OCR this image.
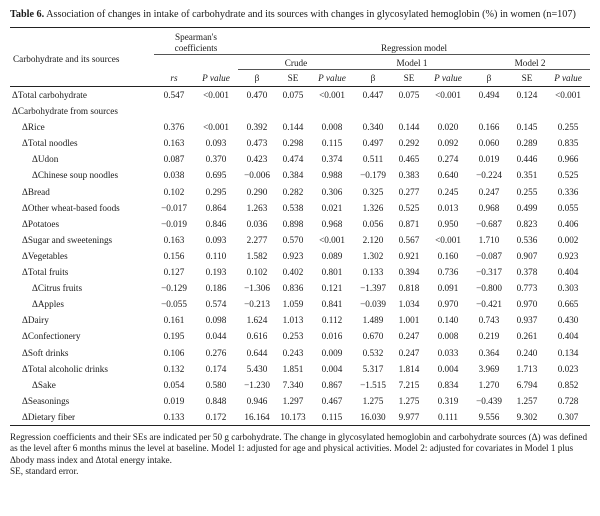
Table 6. Association of changes in intake of carbohydrate and its sources with changes in glycosylated hemoglobin (%) in women (n=107)

Carbohydrate and its sources	Spearman's
coefficients		Regression model								
			Crude			Model 1			Model 2		
	rs	P value	β	SE	P value	β	SE	P value	β	SE	P value
ΔTotal carbohydrate	0.547	<0.001	0.470	0.075	<0.001	0.447	0.075	<0.001	0.494	0.124	<0.001
ΔCarbohydrate from sources											
ΔRice	0.376	<0.001	0.392	0.144	0.008	0.340	0.144	0.020	0.166	0.145	0.255
ΔTotal noodles	0.163	0.093	0.473	0.298	0.115	0.497	0.292	0.092	0.060	0.289	0.835
ΔUdon	0.087	0.370	0.423	0.474	0.374	0.511	0.465	0.274	0.019	0.446	0.966
ΔChinese soup noodles	0.038	0.695	−0.006	0.384	0.988	−0.179	0.383	0.640	−0.224	0.351	0.525
ΔBread	0.102	0.295	0.290	0.282	0.306	0.325	0.277	0.245	0.247	0.255	0.336
ΔOther wheat-based foods	−0.017	0.864	1.263	0.538	0.021	1.326	0.525	0.013	0.968	0.499	0.055
ΔPotatoes	−0.019	0.846	0.036	0.898	0.968	0.056	0.871	0.950	−0.687	0.823	0.406
ΔSugar and sweetenings	0.163	0.093	2.277	0.570	<0.001	2.120	0.567	<0.001	1.710	0.536	0.002
ΔVegetables	0.156	0.110	1.582	0.923	0.089	1.302	0.921	0.160	−0.087	0.907	0.923
ΔTotal fruits	0.127	0.193	0.102	0.402	0.801	0.133	0.394	0.736	−0.317	0.378	0.404
ΔCitrus fruits	−0.129	0.186	−1.306	0.836	0.121	−1.397	0.818	0.091	−0.800	0.773	0.303
ΔApples	−0.055	0.574	−0.213	1.059	0.841	−0.039	1.034	0.970	−0.421	0.970	0.665
ΔDairy	0.161	0.098	1.624	1.013	0.112	1.489	1.001	0.140	0.743	0.937	0.430
ΔConfectionery	0.195	0.044	0.616	0.253	0.016	0.670	0.247	0.008	0.219	0.261	0.404
ΔSoft drinks	0.106	0.276	0.644	0.243	0.009	0.532	0.247	0.033	0.364	0.240	0.134
ΔTotal alcoholic drinks	0.132	0.174	5.430	1.851	0.004	5.317	1.814	0.004	3.969	1.713	0.023
ΔSake	0.054	0.580	−1.230	7.340	0.867	−1.515	7.215	0.834	1.270	6.794	0.852
ΔSeasonings	0.019	0.848	0.946	1.297	0.467	1.275	1.275	0.319	−0.439	1.257	0.728
ΔDietary fiber	0.133	0.172	16.164	10.173	0.115	16.030	9.977	0.111	9.556	9.302	0.307

Regression coefficients and their SEs are indicated per 50 g carbohydrate. The change in glycosylated hemoglobin and carbohydrate sources (Δ) was defined as the level after 6 months minus the level at baseline. Model 1: adjusted for age and physical activities. Model 2: adjusted for covariates in Model 1 plus Δbody mass index and Δtotal energy intake.

SE, standard error.
